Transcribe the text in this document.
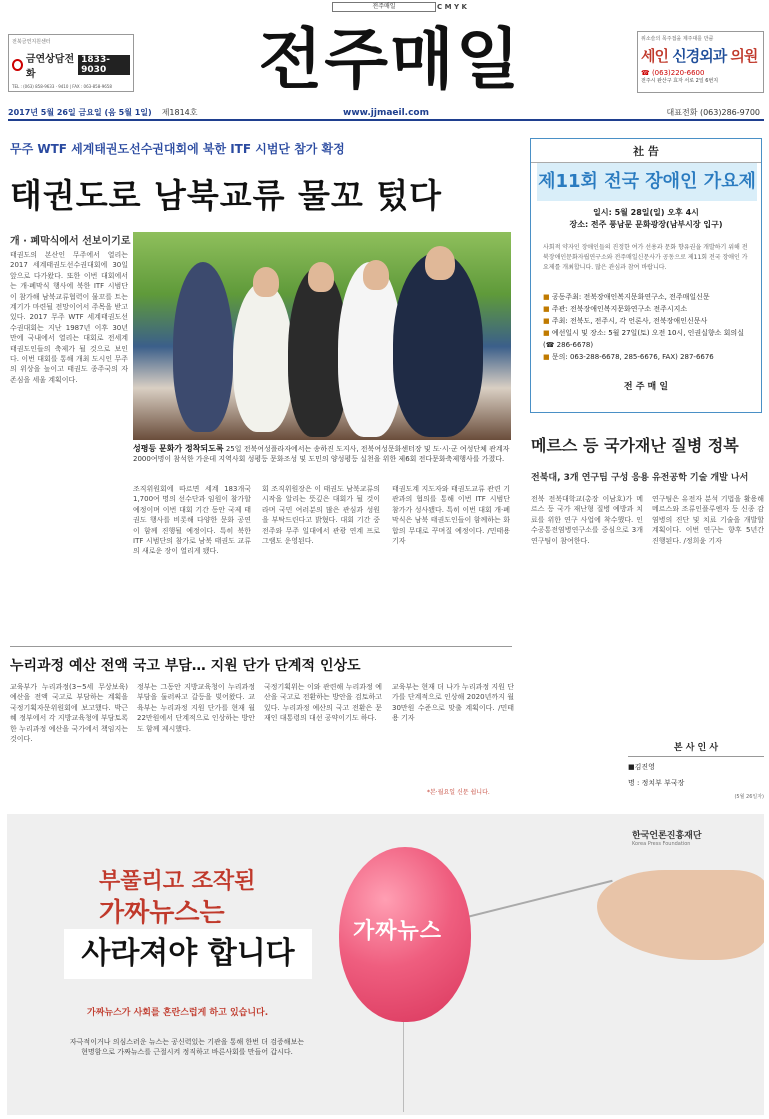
전주매일	C M Y K
전북금연지원센터
금연상담전화
1833-9030
TEL : (063) 858-9633 · 9410 | FAX : 063-858-9658 전주매일	위소슬의 목주접을 제주대를 만큼
세인 신경외과 의원
☎ (063)220-6600
전주시 완산구 효자 서로 2일 6번지
2017년 5월 26일 금요일 (음 5월 1일) 제1814호	www.jjmaeil.com	대표전화 (063)286-9700
무주 WTF 세계태권도선수권대회에 북한 ITF 시범단 참가 확정
태권도로 남북교류 물꼬 텄다
개 · 폐막식에서 선보이기로
태권도의 본산인 무주에서 열리는 2017 세계태권도선수권대회에 30일 앞으로 다가왔다. 또한 이번 대회에서는 개·폐막식 행사에 북한 ITF 시범단이 참가해 남북교류협력이 물꼬를 트는 계기가 마련될 전망이어서 주목을 받고 있다. 2017 무주 WTF 세계태권도선수권대회는 지난 1987년 이후 30년 만에 국내에서 열리는 대회로 전세계 태권도인들의 축제가 될 것으로 보인다. 이번 대회를 통해 개최 도시인 무주의 위상을 높이고 태권도 종주국의 자존심을 세울 계획이다.
성평등 문화가 정착되도록 25일 전북여성플라자에서는 송하진 도지사, 전북여성문화센터장 및 도·시·군 여성단체 관계자 2000여명이 참석한 가운데 지역사회 성평등 문화조성 및 도민의 양성평등 실천을 위한 제6회 전다문화축제행사를 가졌다.
조직위원회에 따르면 세계 183개국 1,700여 명의 선수단과 임원이 참가할 예정이며 이번 대회 기간 동안 국제 태권도 행사를 비롯해 다양한 문화 공연이 함께 진행될 예정이다. 특히 북한 ITF 시범단의 참가로 남북 태권도 교류의 새로운 장이 열리게 됐다.
회 조직위원장은 이 태권도 남북교류의 시작을 알리는 뜻깊은 대회가 될 것이라며 국민 여러분의 많은 관심과 성원을 부탁드린다고 밝혔다. 대회 기간 중 전주와 무주 일대에서 관광 연계 프로그램도 운영된다.
태권도계 지도자와 태권도교류 관련 기관과의 협의를 통해 이번 ITF 시범단 참가가 성사됐다. 특히 이번 대회 개·폐막식은 남북 태권도인들이 함께하는 화합의 무대로 꾸며질 예정이다. /민태용 기자
누리과정 예산 전액 국고 부담… 지원 단가 단계적 인상도
교육부가 누리과정(3~5세 무상보육) 예산을 전액 국고로 부담하는 계획을 국정기획자문위원회에 보고했다. 박근혜 정부에서 각 지방교육청에 부담토록 한 누리과정 예산을 국가에서 책임지는 것이다.
정부는 그동안 지방교육청이 누리과정 부담을 둘러싸고 갈등을 빚어왔다. 교육부는 누리과정 지원 단가를 현재 월 22만원에서 단계적으로 인상하는 방안도 함께 제시했다.
국정기획위는 이와 관련해 누리과정 예산을 국고로 전환하는 방안을 검토하고 있다. 누리과정 예산의 국고 전환은 문재인 대통령의 대선 공약이기도 하다.
교육부는 현재 더 나가 누리과정 지원 단가를 단계적으로 인상해 2020년까지 월 30만원 수준으로 맞출 계획이다. /민태용 기자
*본·월요일 신문 쉽니다.
社 告
제11회 전국 장애인 가요제
일시: 5월 28일(일) 오후 4시
장소: 전주 풍남문 문화광장(남부시장 입구)
사회적 약자인 장애인들의 진정한 여가 선용과 문화 향유권을 개발하기 위해 전북장애인문화자립연구소와 전주매일신문사가 공동으로 제11회 전국 장애인 가요제를 개최합니다. 많은 관심과 참여 바랍니다.
■ 공동주최: 전북장애인복지문화연구소, 전주매일신문
■ 주관: 전북장애인복지문화연구소 전주시지소
■ 주최: 전북도, 전주시, 각 언론사, 전북장애인신문사
■ 예선일시 및 장소: 5월 27일(토) 오전 10시, 인권실향소 회의실 (☎ 286-6678)
■ 문의: 063-288-6678, 285-6676, FAX) 287-6676
전 주 매 일
메르스 등 국가재난 질병 정복
전북대, 3개 연구팀 구성 응용 유전공학 기술 개발 나서
전북 전북대학교(총장 이남호)가 메르스 등 국가 재난형 질병 예방과 치료를 위한 연구 사업에 착수했다. 인수공통전염병연구소를 중심으로 3개 연구팀이 참여한다.
연구팀은 유전자 분석 기법을 활용해 메르스와 조류인플루엔자 등 신종 감염병의 진단 및 치료 기술을 개발할 계획이다. 이번 연구는 향후 5년간 진행된다. /정희윤 기자
본 사 인 사
■김진영
명 : 정치부 부국장
(5월 26일자)
한국언론진흥재단
Korea Press Foundation
부풀리고 조작된
가짜뉴스는
사라져야 합니다
가짜뉴스가 사회를 혼란스럽게 하고 있습니다.
자극적이거나 의심스러운 뉴스는 공신력있는 기관을 통해 한번 더 검증해보는 현명함으로 가짜뉴스를 근절시켜 정직하고 바른사회를 만들어 갑시다.
가짜뉴스
